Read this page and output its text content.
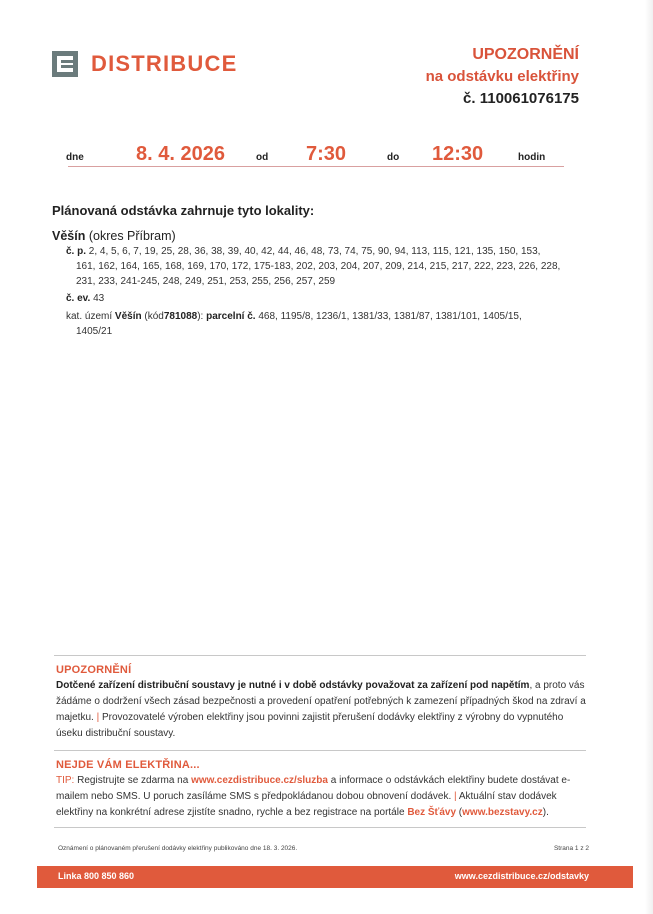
DISTRIBUCE	UPOZORNĚNÍ
na odstávku elektřiny
č. 110061076175
dne	8. 4. 2026	od 7:30	do 12:30	hodin
Plánovaná odstávka zahrnuje tyto lokality:
Věšín (okres Příbram)
č. p. 2, 4, 5, 6, 7, 19, 25, 28, 36, 38, 39, 40, 42, 44, 46, 48, 73, 74, 75, 90, 94, 113, 115, 121, 135, 150, 153,
161, 162, 164, 165, 168, 169, 170, 172, 175-183, 202, 203, 204, 207, 209, 214, 215, 217, 222, 223, 226, 228,
231, 233, 241-245, 248, 249, 251, 253, 255, 256, 257, 259
č. ev. 43
kat. území Věšín (kód781088): parcelní č. 468, 1195/8, 1236/1, 1381/33, 1381/87, 1381/101, 1405/15,
1405/21
UPOZORNĚNÍ
Dotčené zařízení distribuční soustavy je nutné i v době odstávky považovat za zařízení pod napětím, a proto vás žádáme o dodržení všech zásad bezpečnosti a provedení opatření potřebných k zamezení případných škod na zdraví a majetku. | Provozovatelé výroben elektřiny jsou povinni zajistit přerušení dodávky elektřiny z výrobny do vypnutého úseku distribuční soustavy.
NEJDE VÁM ELEKTŘINA...
TIP: Registrujte se zdarma na www.cezdistribuce.cz/sluzba a informace o odstávkách elektřiny budete dostávat e-mailem nebo SMS. U poruch zasíláme SMS s předpokládanou dobou obnovení dodávek. | Aktuální stav dodávek elektřiny na konkrétní adrese zjistíte snadno, rychle a bez registrace na portále Bez Šťávy (www.bezstavy.cz).
Oznámení o plánovaném přerušení dodávky elektřiny publikováno dne 18. 3. 2026.	Strana 1 z 2
Linka 800 850 860	www.cezdistribuce.cz/odstavky
